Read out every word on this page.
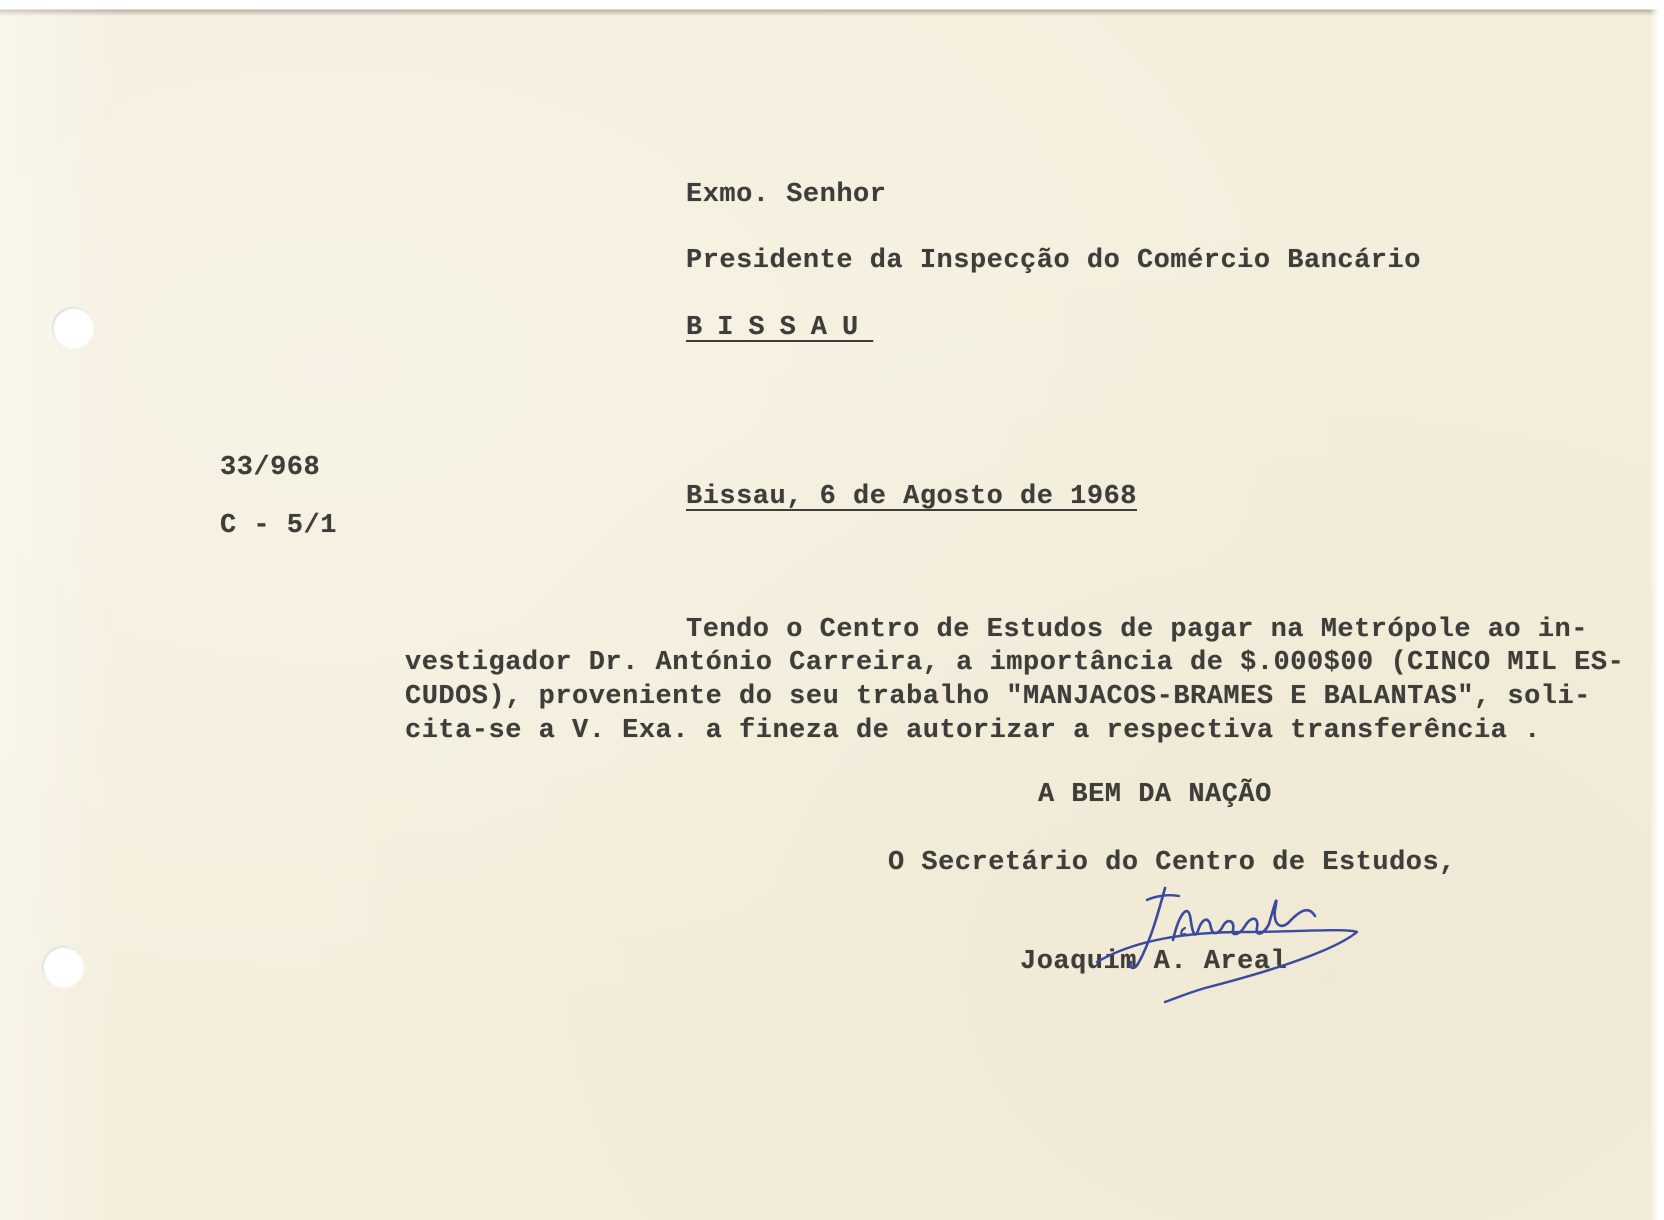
Exmo. Senhor
Presidente da Inspecção do Comércio Bancário
BISSAU
33/968
C - 5/1
Bissau, 6 de Agosto de 1968
Tendo o Centro de Estudos de pagar na Metrópole ao in-
vestigador Dr. António Carreira, a importância de $.000$00 (CINCO MIL ES-
CUDOS), proveniente do seu trabalho "MANJACOS-BRAMES E BALANTAS", soli-
cita-se a V. Exa. a fineza de autorizar a respectiva transferência .
A BEM DA NAÇÃO
O Secretário do Centro de Estudos,
Joaquim A. Areal
